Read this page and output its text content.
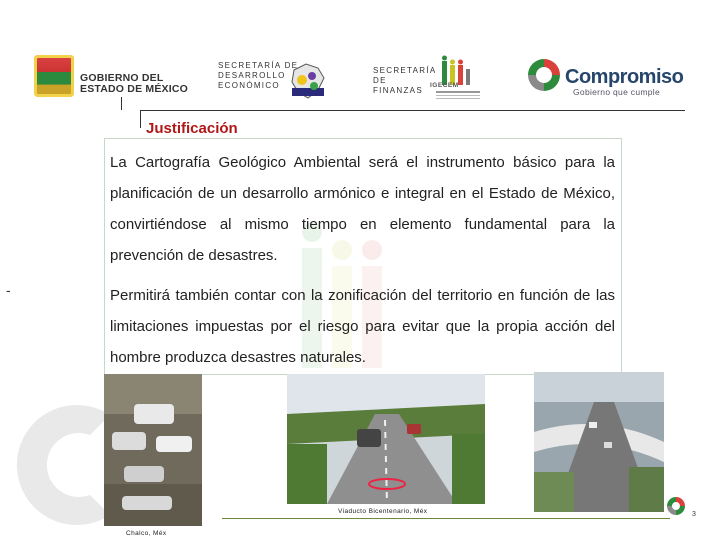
GOBIERNO DEL
ESTADO DE MÉXICO
SECRETARÍA DE
DESARROLLO
ECONÓMICO
SECRETARÍA
DE
FINANZAS
IGECEM	Compromiso
Gobierno que cumple
Justificación
-
La Cartografía Geológico Ambiental será el instrumento básico para la planificación de un desarrollo armónico e integral en el Estado de México, convirtiéndose al mismo tiempo en elemento fundamental para la prevención de desastres.
Permitirá también contar con la zonificación del territorio en función de las limitaciones impuestas por el riesgo para evitar que la propia acción del hombre produzca desastres naturales.
Viaducto Bicentenario, Méx
Chalco, Méx
3
